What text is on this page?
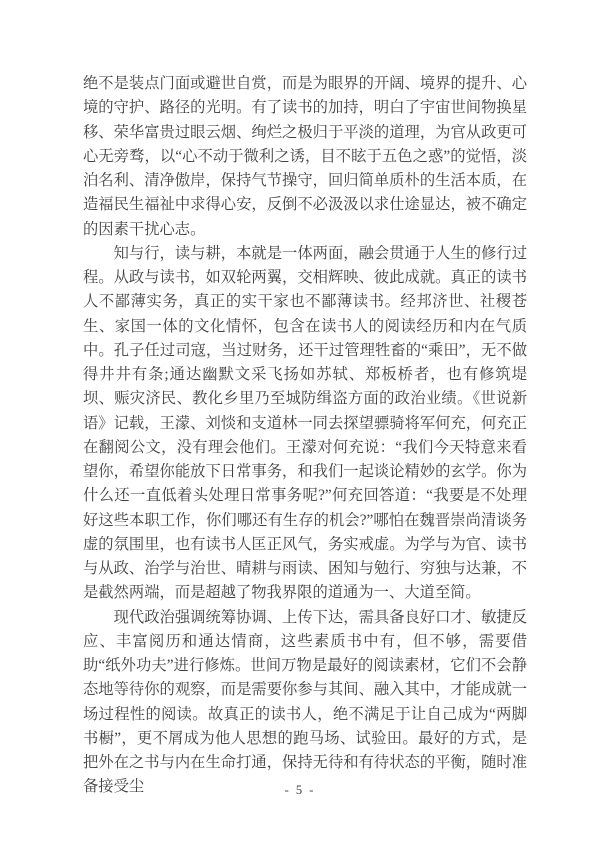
绝不是装点门面或避世自赏，而是为眼界的开阔、境界的提升、心境的守护、路径的光明。有了读书的加持，明白了宇宙世间物换星移、荣华富贵过眼云烟、绚烂之极归于平淡的道理，为官从政更可心无旁骛，以“心不动于微利之诱，目不眩于五色之惑”的觉悟，淡泊名利、清净傲岸，保持气节操守，回归简单质朴的生活本质，在造福民生福祉中求得心安，反倒不必汲汲以求仕途显达，被不确定的因素干扰心志。

知与行，读与耕，本就是一体两面，融会贯通于人生的修行过程。从政与读书，如双轮两翼，交相辉映、彼此成就。真正的读书人不鄙薄实务，真正的实干家也不鄙薄读书。经邦济世、社稷苍生、家国一体的文化情怀，包含在读书人的阅读经历和内在气质中。孔子任过司寇，当过财务，还干过管理牲畜的“乘田”，无不做得井井有条;通达幽默文采飞扬如苏轼、郑板桥者，也有修筑堤坝、赈灾济民、教化乡里乃至城防缉盗方面的政治业绩。《世说新语》记载，王濛、刘惔和支道林一同去探望骠骑将军何充，何充正在翻阅公文，没有理会他们。王濛对何充说：“我们今天特意来看望你，希望你能放下日常事务，和我们一起谈论精妙的玄学。你为什么还一直低着头处理日常事务呢?”何充回答道：“我要是不处理好这些本职工作，你们哪还有生存的机会?”哪怕在魏晋崇尚清谈务虚的氛围里，也有读书人匡正风气，务实戒虚。为学与为官、读书与从政、治学与治世、晴耕与雨读、困知与勉行、穷独与达兼，不是截然两端，而是超越了物我界限的道通为一、大道至简。

现代政治强调统筹协调、上传下达，需具备良好口才、敏捷反应、丰富阅历和通达情商，这些素质书中有，但不够，需要借助“纸外功夫”进行修炼。世间万物是最好的阅读素材，它们不会静态地等待你的观察，而是需要你参与其间、融入其中，才能成就一场过程性的阅读。故真正的读书人，绝不满足于让自己成为“两脚书橱”，更不屑成为他人思想的跑马场、试验田。最好的方式，是把外在之书与内在生命打通，保持无待和有待状态的平衡，随时准备接受尘	- 5 -
